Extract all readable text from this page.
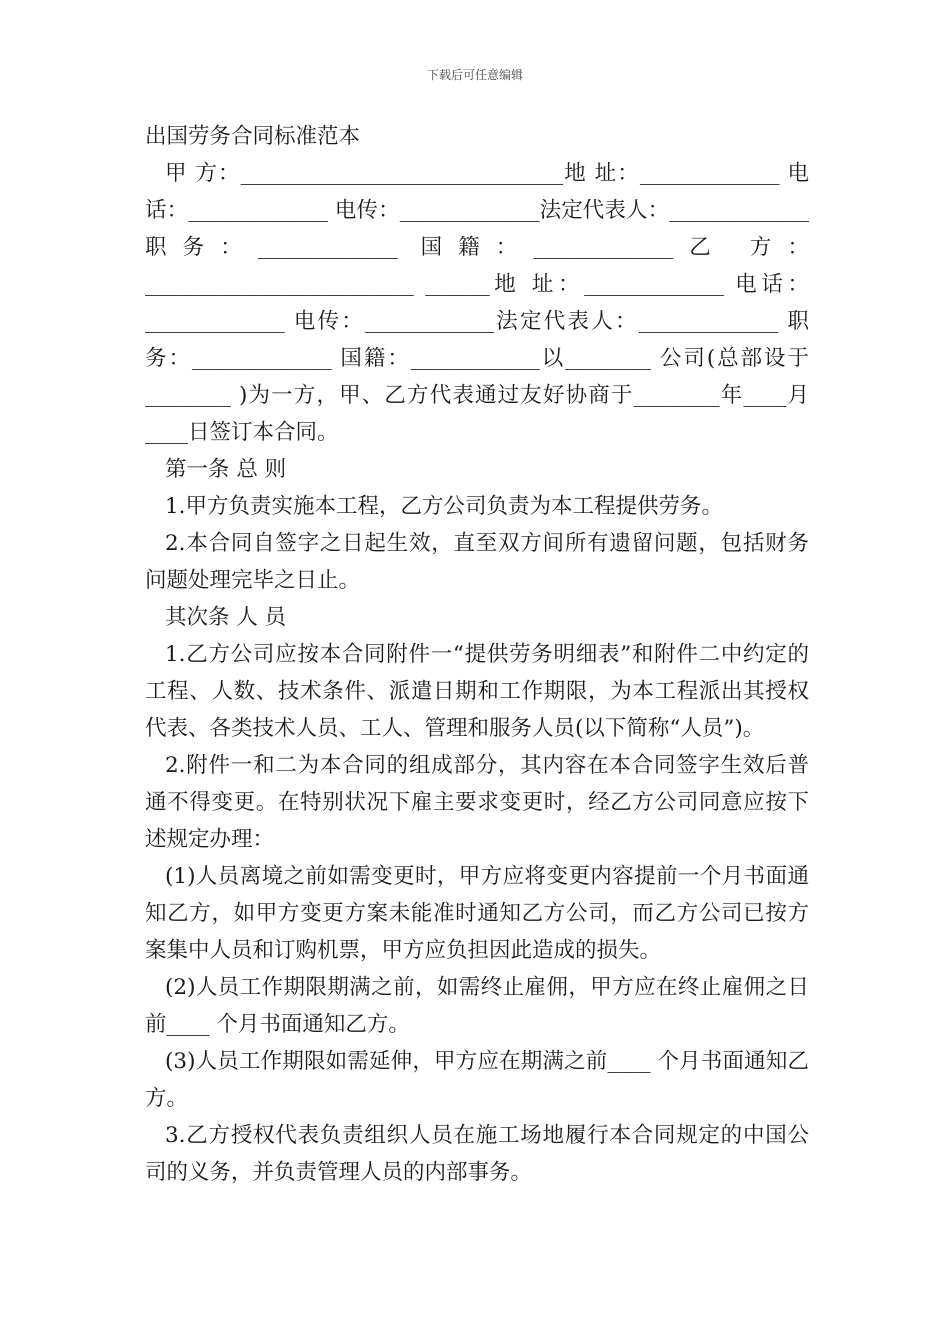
下载后可任意编辑

出国劳务合同标准范本

甲 方：______________________________地 址：_____________ 电话：_____________ 电传：_____________法定代表人：_____________ 职务：_____________ 国籍：_____________乙 方：_________________________ ______地 址：_____________ 电话：_____________ 电传：____________法定代表人：_____________ 职务：_____________ 国籍：____________以________ 公司(总部设于________ )为一方，甲、乙方代表通过友好协商于________年____月____日签订本合同。

第一条 总 则

1.甲方负责实施本工程，乙方公司负责为本工程提供劳务。

2.本合同自签字之日起生效，直至双方间所有遗留问题，包括财务问题处理完毕之日止。

其次条 人 员

1.乙方公司应按本合同附件一“提供劳务明细表”和附件二中约定的工程、人数、技术条件、派遣日期和工作期限，为本工程派出其授权代表、各类技术人员、工人、管理和服务人员(以下简称“人员”)。

2.附件一和二为本合同的组成部分，其内容在本合同签字生效后普通不得变更。在特别状况下雇主要求变更时，经乙方公司同意应按下述规定办理：

(1)人员离境之前如需变更时，甲方应将变更内容提前一个月书面通知乙方，如甲方变更方案未能准时通知乙方公司，而乙方公司已按方案集中人员和订购机票，甲方应负担因此造成的损失。

(2)人员工作期限期满之前，如需终止雇佣，甲方应在终止雇佣之日前____ 个月书面通知乙方。

(3)人员工作期限如需延伸，甲方应在期满之前____ 个月书面通知乙方。

3.乙方授权代表负责组织人员在施工场地履行本合同规定的中国公司的义务，并负责管理人员的内部事务。
